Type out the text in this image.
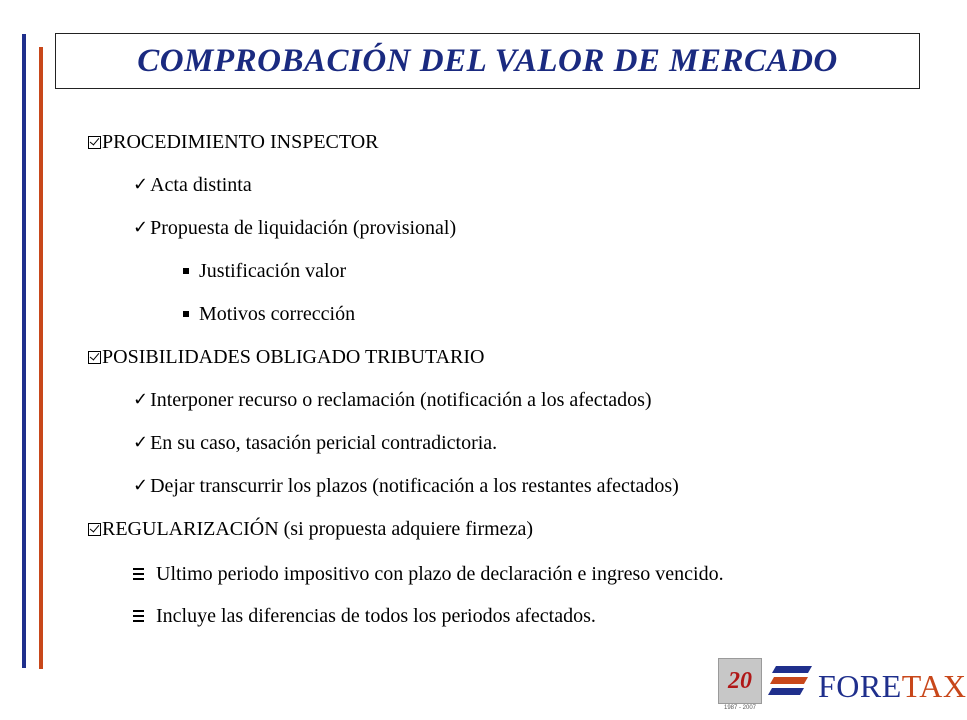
COMPROBACIÓN DEL VALOR DE MERCADO
PROCEDIMIENTO INSPECTOR
✓ Acta distinta
✓ Propuesta de liquidación (provisional)
Justificación valor
Motivos corrección
POSIBILIDADES OBLIGADO TRIBUTARIO
✓ Interponer recurso o reclamación (notificación a los afectados)
✓ En su caso, tasación pericial contradictoria.
✓ Dejar transcurrir los plazos (notificación a los restantes afectados)
REGULARIZACIÓN (si propuesta adquiere firmeza)
Ultimo periodo impositivo con plazo de declaración e ingreso vencido.
Incluye las diferencias de todos los periodos afectados.
20
1987 - 2007
FORETAX
